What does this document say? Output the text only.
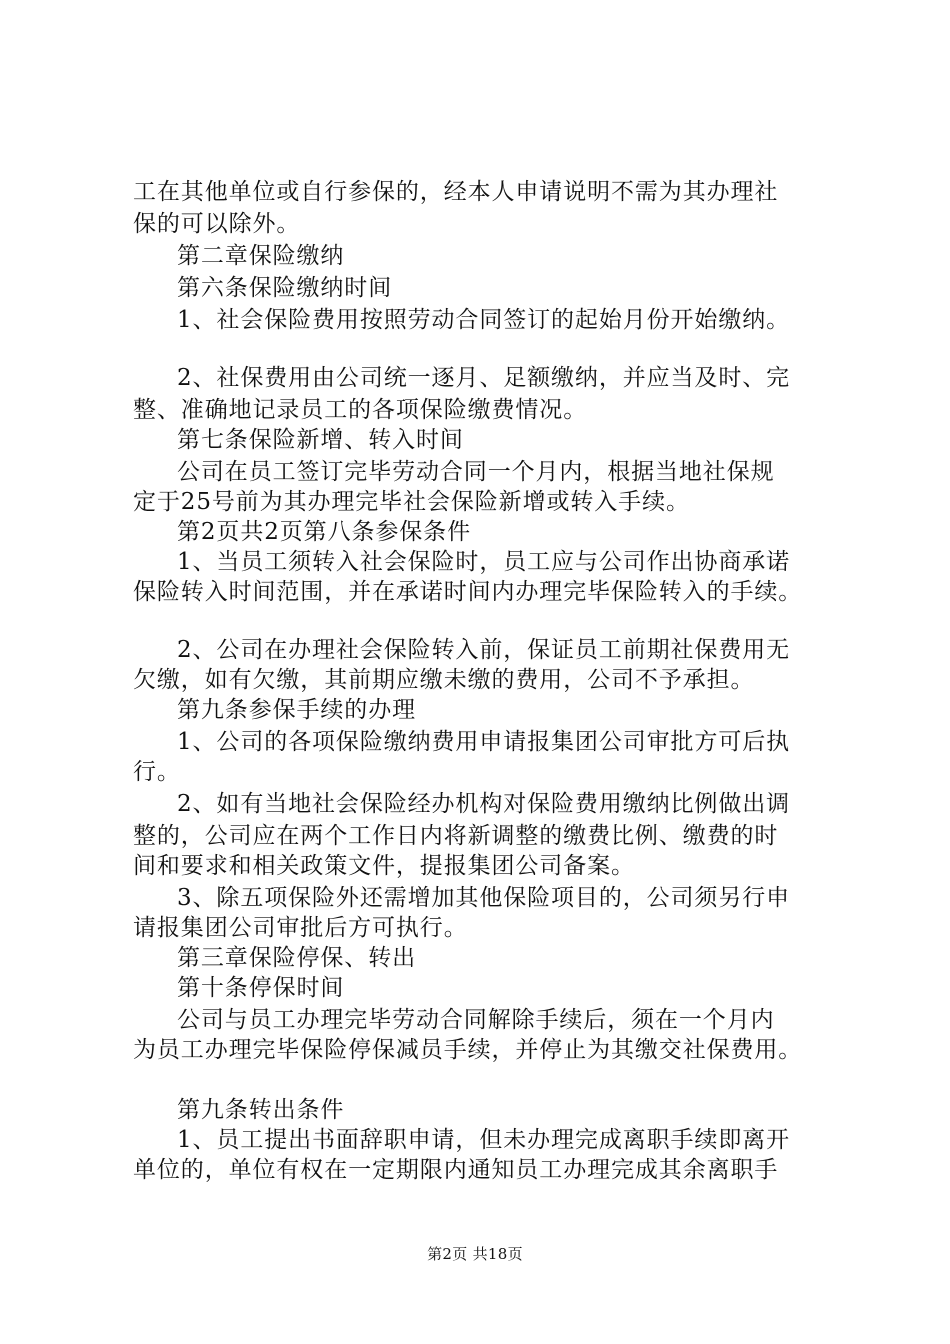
工在其他单位或自行参保的，经本人申请说明不需为其办理社
保的可以除外。
第二章保险缴纳
第六条保险缴纳时间
1、社会保险费用按照劳动合同签订的起始月份开始缴纳。
2、社保费用由公司统一逐月、足额缴纳，并应当及时、完
整、准确地记录员工的各项保险缴费情况。
第七条保险新增、转入时间
公司在员工签订完毕劳动合同一个月内，根据当地社保规
定于25号前为其办理完毕社会保险新增或转入手续。
第2页共2页第八条参保条件
1、当员工须转入社会保险时，员工应与公司作出协商承诺
保险转入时间范围，并在承诺时间内办理完毕保险转入的手续。
2、公司在办理社会保险转入前，保证员工前期社保费用无
欠缴，如有欠缴，其前期应缴未缴的费用，公司不予承担。
第九条参保手续的办理
1、公司的各项保险缴纳费用申请报集团公司审批方可后执
行。
2、如有当地社会保险经办机构对保险费用缴纳比例做出调
整的，公司应在两个工作日内将新调整的缴费比例、缴费的时
间和要求和相关政策文件，提报集团公司备案。
3、除五项保险外还需增加其他保险项目的，公司须另行申
请报集团公司审批后方可执行。
第三章保险停保、转出
第十条停保时间
公司与员工办理完毕劳动合同解除手续后，须在一个月内
为员工办理完毕保险停保减员手续，并停止为其缴交社保费用。
第九条转出条件
1、员工提出书面辞职申请，但未办理完成离职手续即离开
单位的，单位有权在一定期限内通知员工办理完成其余离职手
第2页 共18页
